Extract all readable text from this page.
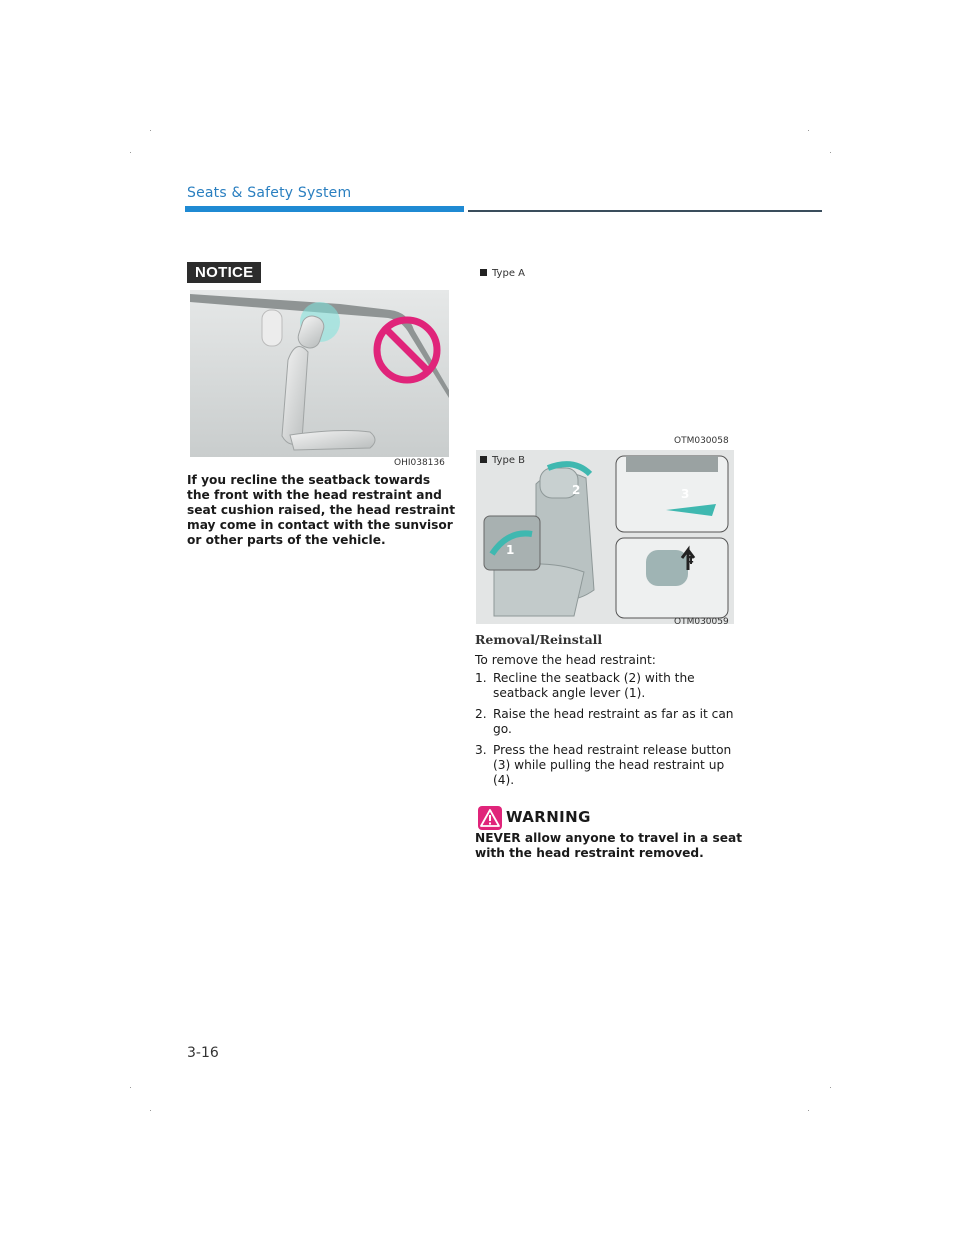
Seats & Safety System
NOTICE
OHI038136
If you recline the seatback towards the front with the head restraint and seat cushion raised, the head restraint may come in contact with the sunvisor or other parts of the vehicle.
Type A
2
1
3
4
OTM030058
2
1
3
4
Type B
OTM030059
Removal/Reinstall
To remove the head restraint:
1. Recline the seatback (2) with the seatback angle lever (1).
2. Raise the head restraint as far as it can go.
3. Press the head restraint release button (3) while pulling the head restraint up (4).
WARNING
NEVER allow anyone to travel in a seat with the head restraint removed.
3-16
